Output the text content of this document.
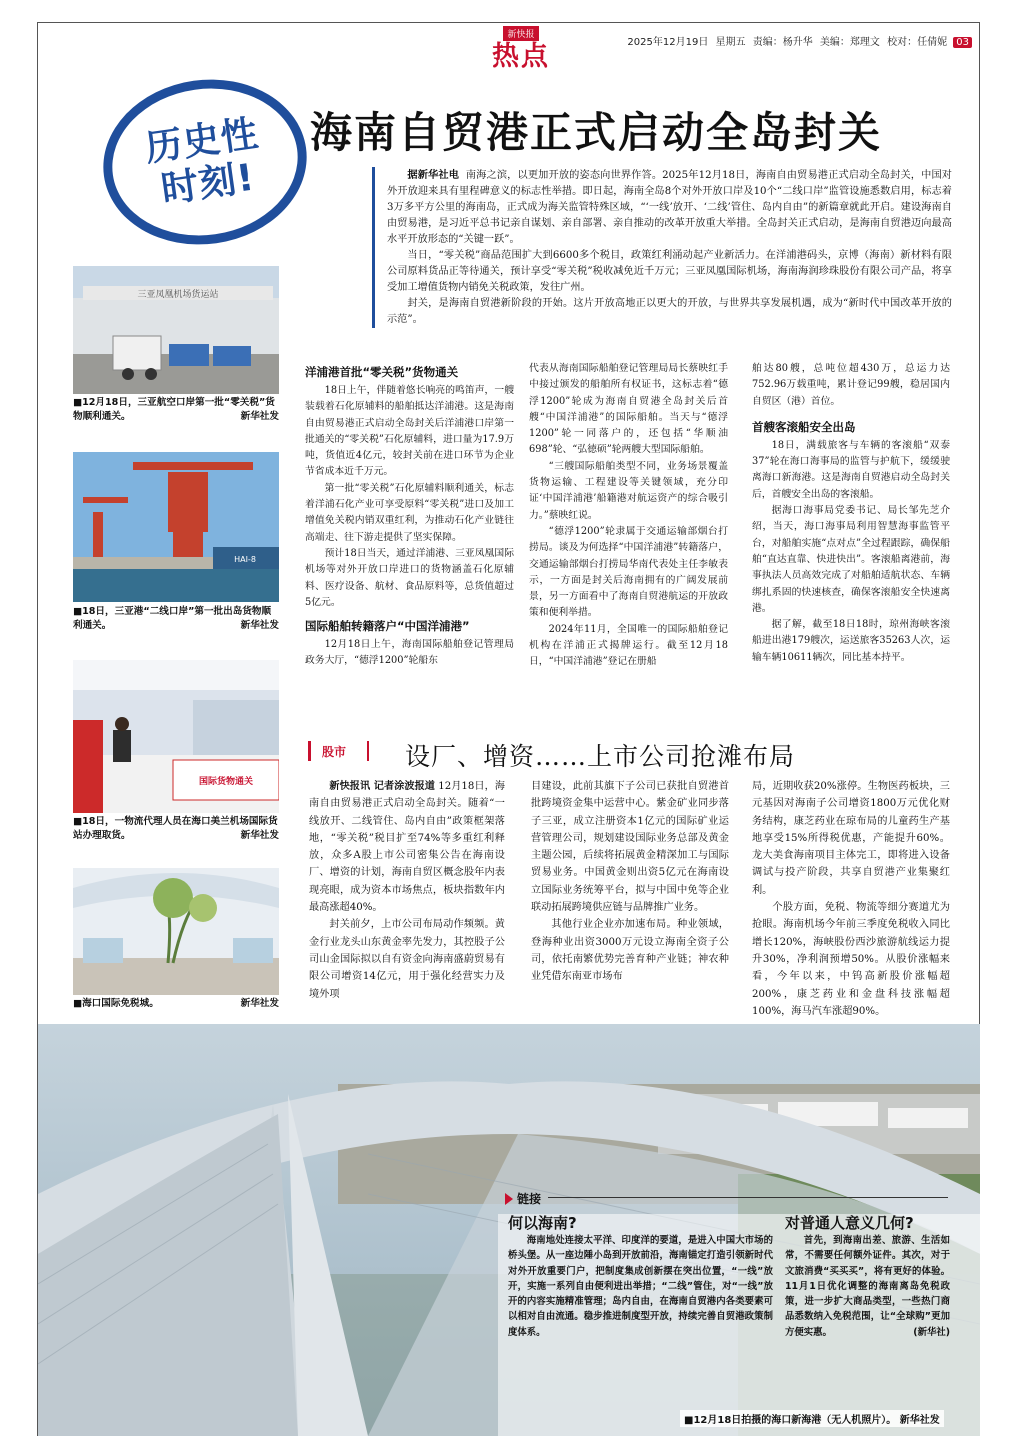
新快报
热点	2025年12月19日 星期五 责编：杨升华 美编：郑理文 校对：任倩妮 03
历史性
时刻!
海南自贸港正式启动全岛封关

据新华社电 南海之滨，以更加开放的姿态向世界作答。2025年12月18日，海南自由贸易港正式启动全岛封关，中国对外开放迎来具有里程碑意义的标志性举措。即日起，海南全岛8个对外开放口岸及10个“二线口岸”监管设施悉数启用，标志着3万多平方公里的海南岛，正式成为海关监管特殊区域，“‘一线’放开、‘二线’管住、岛内自由”的新篇章就此开启。建设海南自由贸易港，是习近平总书记亲自谋划、亲自部署、亲自推动的改革开放重大举措。全岛封关正式启动，是海南自贸港迈向最高水平开放形态的“关键一跃”。

当日，“零关税”商品范围扩大到6600多个税目，政策红利涌动起产业新活力。在洋浦港码头，京博（海南）新材料有限公司原料货品正等待通关，预计享受“零关税”税收减免近千万元；三亚凤凰国际机场，海南海润珍珠股份有限公司产品，将享受加工增值货物内销免关税政策，发往广州。

封关，是海南自贸港新阶段的开始。这片开放高地正以更大的开放，与世界共享发展机遇，成为“新时代中国改革开放的示范”。

三亚凤凰机场货运站
■12月18日，三亚航空口岸第一批“零关税”货物顺利通关。	新华社发
HAI-8
■18日，三亚港“二线口岸”第一批出岛货物顺利通关。	新华社发
国际货物通关
■18日，一物流代理人员在海口美兰机场国际货站办理取货。	新华社发
■海口国际免税城。	新华社发
洋浦港首批“零关税”货物通关

18日上午，伴随着悠长响亮的鸣笛声，一艘装载着石化原辅料的船舶抵达洋浦港。这是海南自由贸易港正式启动全岛封关后洋浦港口岸第一批通关的“零关税”石化原辅料，进口量为17.9万吨，货值近4亿元，较封关前在进口环节为企业节省成本近千万元。

第一批“零关税”石化原辅料顺利通关，标志着洋浦石化产业可享受原料“零关税”进口及加工增值免关税内销双重红利，为推动石化产业链往高端走、往下游走提供了坚实保障。

预计18日当天，通过洋浦港、三亚凤凰国际机场等对外开放口岸进口的货物涵盖石化原辅料、医疗设备、航材、食品原料等，总货值超过5亿元。

国际船舶转籍落户“中国洋浦港”

12月18日上午，海南国际船舶登记管理局政务大厅，“德浮1200”轮船东

代表从海南国际船舶登记管理局局长蔡映红手中接过颁发的船舶所有权证书，这标志着“德浮1200”轮成为海南自贸港全岛封关后首艘“中国洋浦港”的国际船舶。当天与“德浮1200”轮一同落户的，还包括“华顺油698”轮、“弘徳硕”轮两艘大型国际船舶。

“三艘国际船舶类型不同，业务场景覆盖货物运输、工程建设等关键领域，充分印证‘中国洋浦港’船籍港对航运资产的综合吸引力。”蔡映红说。

“德浮1200”轮隶属于交通运输部烟台打捞局。谈及为何选择“中国洋浦港”转籍落户，交通运输部烟台打捞局华南代表处主任李敏表示，一方面是封关后海南拥有的广阔发展前景，另一方面看中了海南自贸港航运的开放政策和便利举措。

2024年11月，全国唯一的国际船舶登记机构在洋浦正式揭牌运行。截至12月18日，“中国洋浦港”登记在册船

舶达80艘，总吨位超430万，总运力达752.96万载重吨，累计登记99艘，稳居国内自贸区（港）首位。

首艘客滚船安全出岛

18日，满载旅客与车辆的客滚船“双泰37”轮在海口海事局的监管与护航下，缓缓驶离海口新海港。这是海南自贸港启动全岛封关后，首艘安全出岛的客滚船。

据海口海事局党委书记、局长邹先芝介绍，当天，海口海事局利用智慧海事监管平台，对船舶实施“点对点”全过程跟踪，确保船舶“直达直靠、快进快出”。客滚船离港前，海事执法人员高效完成了对船舶适航状态、车辆绑扎系固的快速核查，确保客滚船安全快速离港。

据了解，截至18日18时，琼州海峡客滚船进出港179艘次，运送旅客35263人次，运输车辆10611辆次，同比基本持平。

股市 设厂、增资……上市公司抢滩布局

新快报讯 记者涂波报道 12月18日，海南自由贸易港正式启动全岛封关。随着“一线放开、二线管住、岛内自由”政策框架落地，“零关税”税目扩至74%等多重红利释放，众多A股上市公司密集公告在海南设厂、增资的计划，海南自贸区概念股年内表现亮眼，成为资本市场焦点，板块指数年内最高涨超40%。

封关前夕，上市公司布局动作频频。黄金行业龙头山东黄金率先发力，其控股子公司山金国际拟以自有资金向海南盛蔚贸易有限公司增资14亿元，用于强化经营实力及境外项

目建设，此前其旗下子公司已获批自贸港首批跨境资金集中运营中心。紫金矿业同步落子三亚，成立注册资本1亿元的国际矿业运营管理公司，规划建设国际业务总部及黄金主题公园，后续将拓展黄金精深加工与国际贸易业务。中国黄金则出资5亿元在海南设立国际业务统筹平台，拟与中国中免等企业联动拓展跨境供应链与品牌推广业务。

其他行业企业亦加速布局。种业领域，登海种业出资3000万元设立海南全资子公司，依托南繁优势完善育种产业链；神农种业凭借东南亚市场布

局，近期收获20%涨停。生物医药板块，三元基因对海南子公司增资1800万元优化财务结构，康芝药业在琼布局的儿童药生产基地享受15%所得税优惠，产能提升60%。龙大美食海南项目主体完工，即将进入设备调试与投产阶段，共享自贸港产业集聚红利。

个股方面，免税、物流等细分赛道尤为抢眼。海南机场今年前三季度免税收入同比增长120%，海峡股份西沙旅游航线运力提升30%，净利润预增50%。从股价涨幅来看，今年以来，中钨高新股价涨幅超200%，康芝药业和金盘科技涨幅超100%，海马汽车涨超90%。

链接
何以海南?

海南地处连接太平洋、印度洋的要道，是进入中国大市场的桥头堡。从一座边陲小岛到开放前沿，海南锚定打造引领新时代对外开放重要门户，把制度集成创新摆在突出位置，“一线”放开，实施一系列自由便利进出举措；“二线”管住，对“一线”放开的内容实施精准管理；岛内自由，在海南自贸港内各类要素可以相对自由流通。稳步推进制度型开放，持续完善自贸港政策制度体系。

对普通人意义几何?

首先，到海南出差、旅游、生活如常，不需要任何额外证件。其次，对于文旅消费“买买买”，将有更好的体验。11月1日优化调整的海南离岛免税政策，进一步扩大商品类型，一些热门商品悉数纳入免税范围，让“全球购”更加方便实惠。	(新华社)

■12月18日拍摄的海口新海港（无人机照片）。 新华社发
